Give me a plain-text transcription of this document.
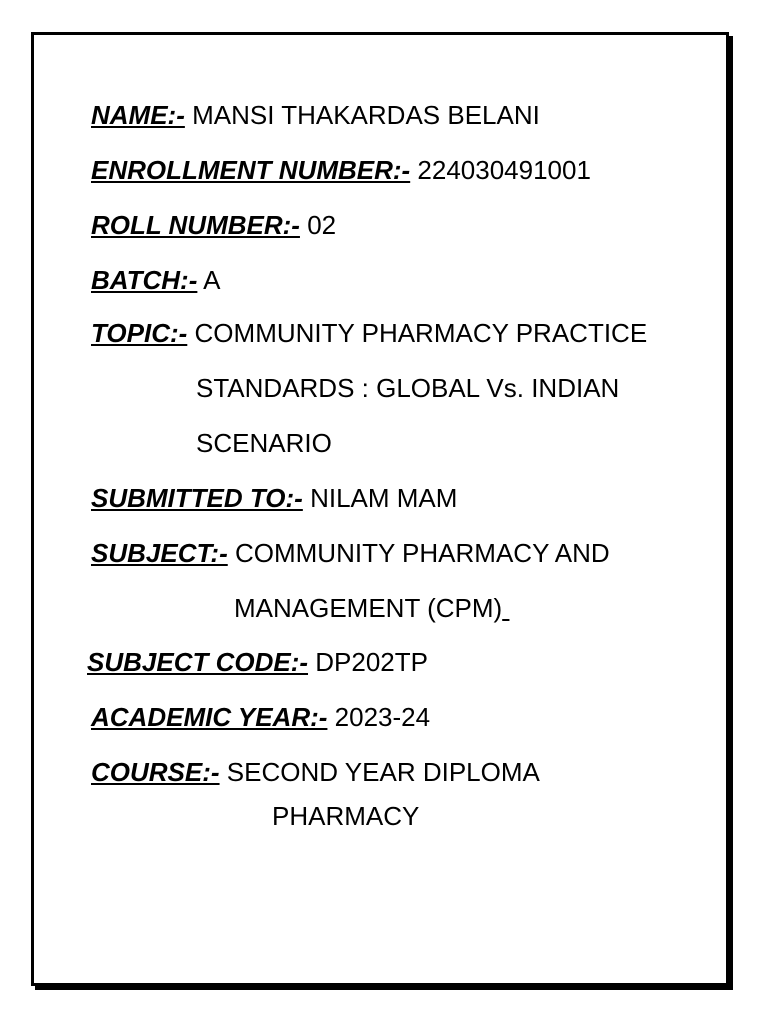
NAME:- MANSI THAKARDAS BELANI
ENROLLMENT NUMBER:- 224030491001
ROLL NUMBER:- 02
BATCH:- A
TOPIC:- COMMUNITY PHARMACY PRACTICE
STANDARDS : GLOBAL Vs. INDIAN
SCENARIO
SUBMITTED TO:- NILAM MAM
SUBJECT:- COMMUNITY PHARMACY AND
MANAGEMENT (CPM)
SUBJECT CODE:- DP202TP
ACADEMIC YEAR:- 2023-24
COURSE:- SECOND YEAR DIPLOMA
PHARMACY
